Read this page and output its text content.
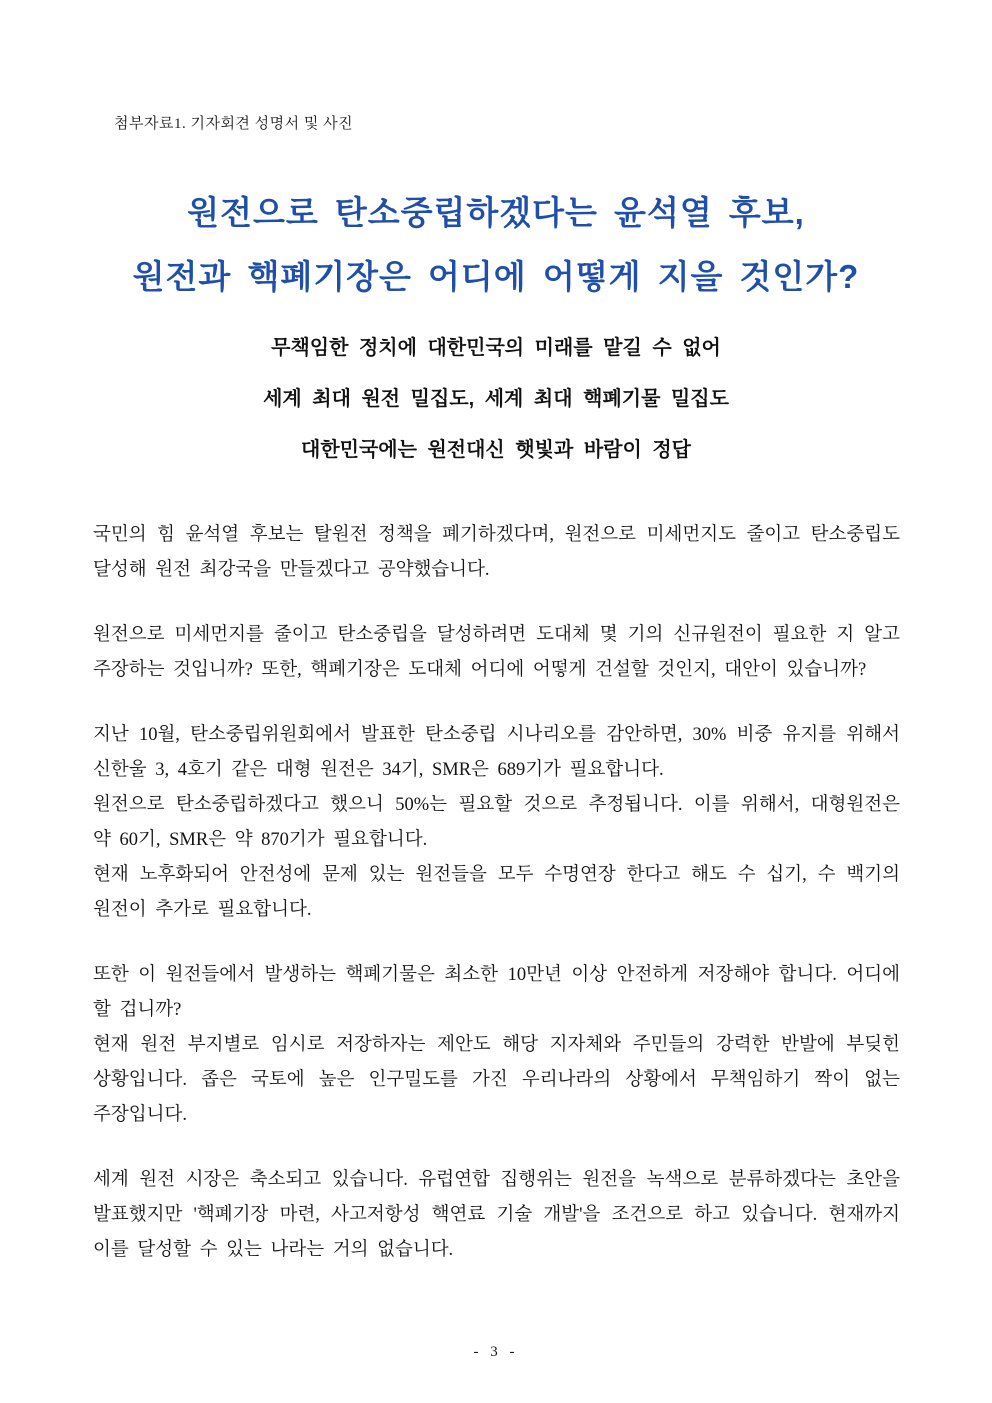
첨부자료1. 기자회견 성명서 및 사진
원전으로 탄소중립하겠다는 윤석열 후보,
원전과 핵폐기장은 어디에 어떻게 지을 것인가?
무책임한 정치에 대한민국의 미래를 맡길 수 없어
세계 최대 원전 밀집도, 세계 최대 핵폐기물 밀집도
대한민국에는 원전대신 햇빛과 바람이 정답

국민의 힘 윤석열 후보는 탈원전 정책을 폐기하겠다며, 원전으로 미세먼지도 줄이고 탄소중립도 달성해 원전 최강국을 만들겠다고 공약했습니다.

원전으로 미세먼지를 줄이고 탄소중립을 달성하려면 도대체 몇 기의 신규원전이 필요한 지 알고 주장하는 것입니까? 또한, 핵폐기장은 도대체 어디에 어떻게 건설할 것인지, 대안이 있습니까?

지난 10월, 탄소중립위원회에서 발표한 탄소중립 시나리오를 감안하면, 30% 비중 유지를 위해서 신한울 3, 4호기 같은 대형 원전은 34기, SMR은 689기가 필요합니다.

원전으로 탄소중립하겠다고 했으니 50%는 필요할 것으로 추정됩니다. 이를 위해서, 대형원전은 약 60기, SMR은 약 870기가 필요합니다.

현재 노후화되어 안전성에 문제 있는 원전들을 모두 수명연장 한다고 해도 수 십기, 수 백기의 원전이 추가로 필요합니다.

또한 이 원전들에서 발생하는 핵폐기물은 최소한 10만년 이상 안전하게 저장해야 합니다. 어디에 할 겁니까?

현재 원전 부지별로 임시로 저장하자는 제안도 해당 지자체와 주민들의 강력한 반발에 부딪힌 상황입니다. 좁은 국토에 높은 인구밀도를 가진 우리나라의 상황에서 무책임하기 짝이 없는 주장입니다.

세계 원전 시장은 축소되고 있습니다. 유럽연합 집행위는 원전을 녹색으로 분류하겠다는 초안을 발표했지만 '핵폐기장 마련, 사고저항성 핵연료 기술 개발'을 조건으로 하고 있습니다. 현재까지 이를 달성할 수 있는 나라는 거의 없습니다.

- 3 -
